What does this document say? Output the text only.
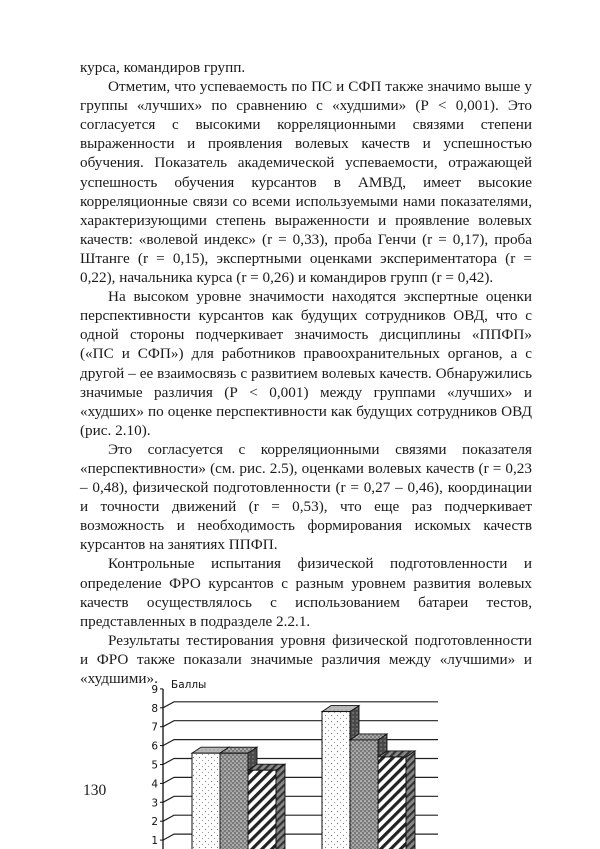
курса, командиров групп.

Отметим, что успеваемость по ПС и СФП также значимо выше у группы «лучших» по сравнению с «худшими» (Р < 0,001). Это согласуется с высокими корреляционными связями степени выраженности и проявления волевых качеств и успешностью обучения. Показатель академической успеваемости, отражающей успешность обучения курсантов в АМВД, имеет высокие корреляционные связи со всеми используемыми нами показателями, характеризующими степень выраженности и проявление волевых качеств: «волевой индекс» (r = 0,33), проба Генчи (r = 0,17), проба Штанге (r = 0,15), экспертными оценками экспериментатора (r = 0,22), начальника курса (r = 0,26) и командиров групп (r = 0,42).

На высоком уровне значимости находятся экспертные оценки перспективности курсантов как будущих сотрудников ОВД, что с одной стороны подчеркивает значимость дисциплины «ППФП» («ПС и СФП») для работников правоохранительных органов, а с другой – ее взаимосвязь с развитием волевых качеств. Обнаружились значимые различия (Р < 0,001) между группами «лучших» и «худших» по оценке перспективности как будущих сотрудников ОВД (рис. 2.10).

Это согласуется с корреляционными связями показателя «перспективности» (см. рис. 2.5), оценками волевых качеств (r = 0,23 – 0,48), физической подготовленности (r = 0,27 – 0,46), координации и точности движений (r = 0,53), что еще раз подчеркивает возможность и необходимость формирования искомых качеств курсантов на занятиях ППФП.

Контрольные испытания физической подготовленности и определение ФРО курсантов с разным уровнем развития волевых качеств осуществлялось с использованием батареи тестов, представленных в подразделе 2.2.1.

Результаты тестирования уровня физической подготовленности и ФРО также показали значимые различия между «лучшими» и «худшими».

130
1
2
3
4
5
6
7
8
9 Баллы
